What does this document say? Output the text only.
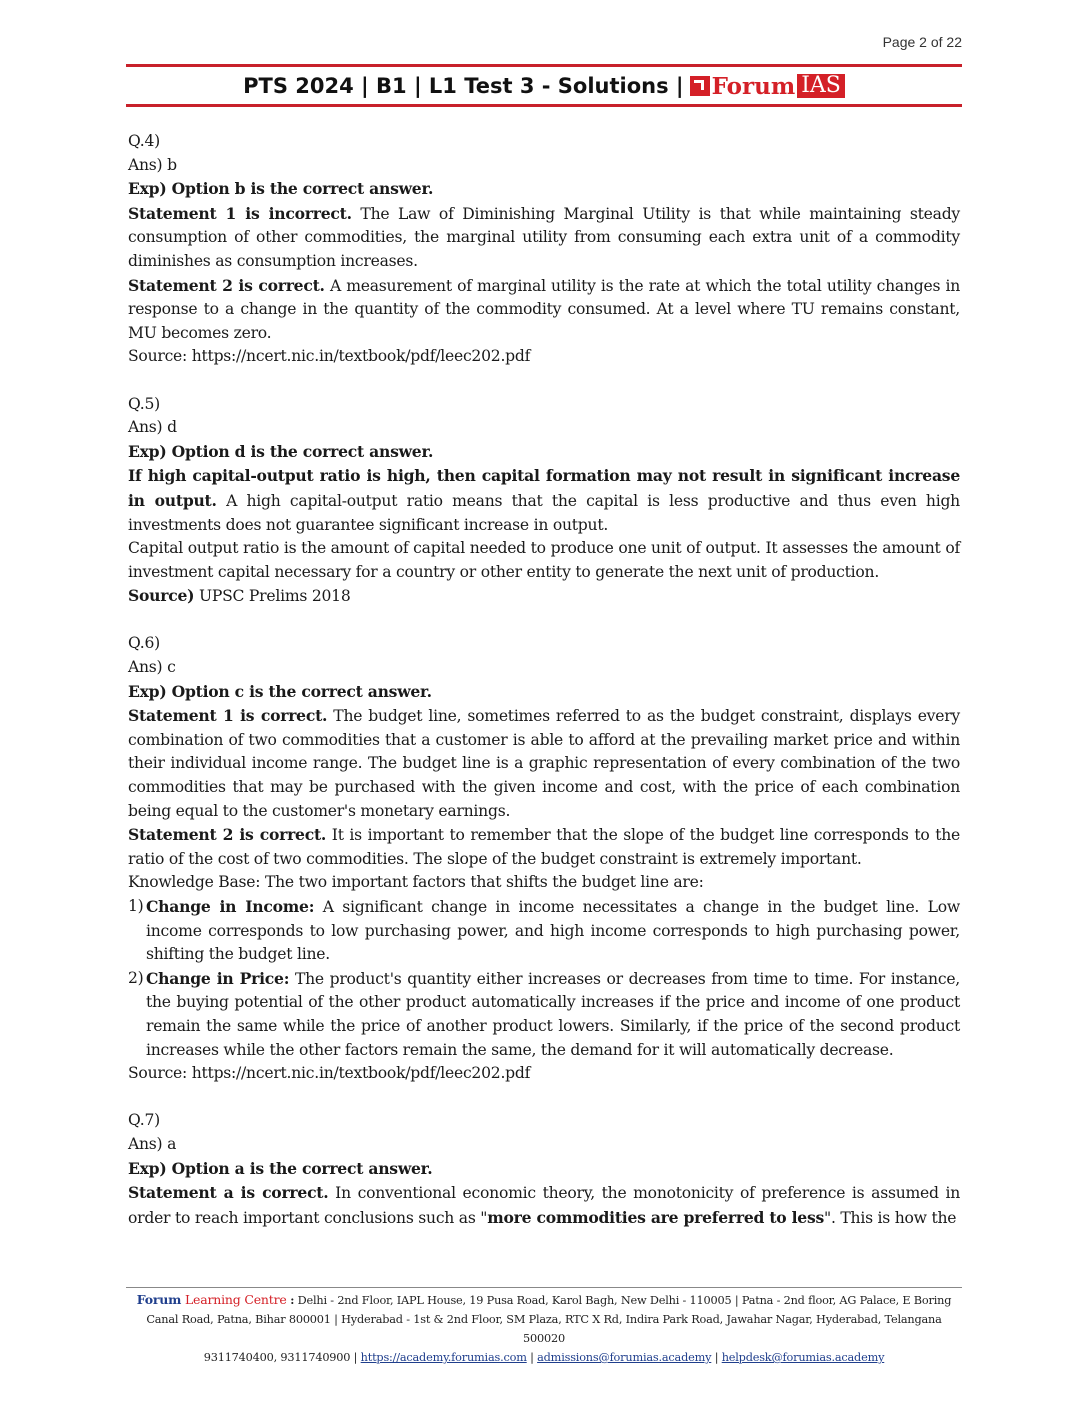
Page 2 of 22
PTS 2024 | B1 | L1 Test 3 - Solutions | Forum IAS

Q.4)

Ans) b

Exp) Option b is the correct answer.

Statement 1 is incorrect. The Law of Diminishing Marginal Utility is that while maintaining steady consumption of other commodities, the marginal utility from consuming each extra unit of a commodity diminishes as consumption increases.

Statement 2 is correct. A measurement of marginal utility is the rate at which the total utility changes in response to a change in the quantity of the commodity consumed. At a level where TU remains constant, MU becomes zero.

Source: https://ncert.nic.in/textbook/pdf/leec202.pdf

Q.5)

Ans) d

Exp) Option d is the correct answer.

If high capital-output ratio is high, then capital formation may not result in significant increase in output. A high capital-output ratio means that the capital is less productive and thus even high investments does not guarantee significant increase in output.

Capital output ratio is the amount of capital needed to produce one unit of output. It assesses the amount of investment capital necessary for a country or other entity to generate the next unit of production.

Source) UPSC Prelims 2018

Q.6)

Ans) c

Exp) Option c is the correct answer.

Statement 1 is correct. The budget line, sometimes referred to as the budget constraint, displays every combination of two commodities that a customer is able to afford at the prevailing market price and within their individual income range. The budget line is a graphic representation of every combination of the two commodities that may be purchased with the given income and cost, with the price of each combination being equal to the customer's monetary earnings.

Statement 2 is correct. It is important to remember that the slope of the budget line corresponds to the ratio of the cost of two commodities. The slope of the budget constraint is extremely important.

Knowledge Base: The two important factors that shifts the budget line are:

1) Change in Income: A significant change in income necessitates a change in the budget line. Low income corresponds to low purchasing power, and high income corresponds to high purchasing power, shifting the budget line.
2) Change in Price: The product's quantity either increases or decreases from time to time. For instance, the buying potential of the other product automatically increases if the price and income of one product remain the same while the price of another product lowers. Similarly, if the price of the second product increases while the other factors remain the same, the demand for it will automatically decrease.

Source: https://ncert.nic.in/textbook/pdf/leec202.pdf

Q.7)

Ans) a

Exp) Option a is the correct answer.

Statement a is correct. In conventional economic theory, the monotonicity of preference is assumed in order to reach important conclusions such as "more commodities are preferred to less". This is how the

Forum Learning Centre : Delhi - 2nd Floor, IAPL House, 19 Pusa Road, Karol Bagh, New Delhi - 110005 | Patna - 2nd floor, AG Palace, E Boring Canal Road, Patna, Bihar 800001 | Hyderabad - 1st & 2nd Floor, SM Plaza, RTC X Rd, Indira Park Road, Jawahar Nagar, Hyderabad, Telangana 500020
9311740400, 9311740900 | https://academy.forumias.com | admissions@forumias.academy | helpdesk@forumias.academy
